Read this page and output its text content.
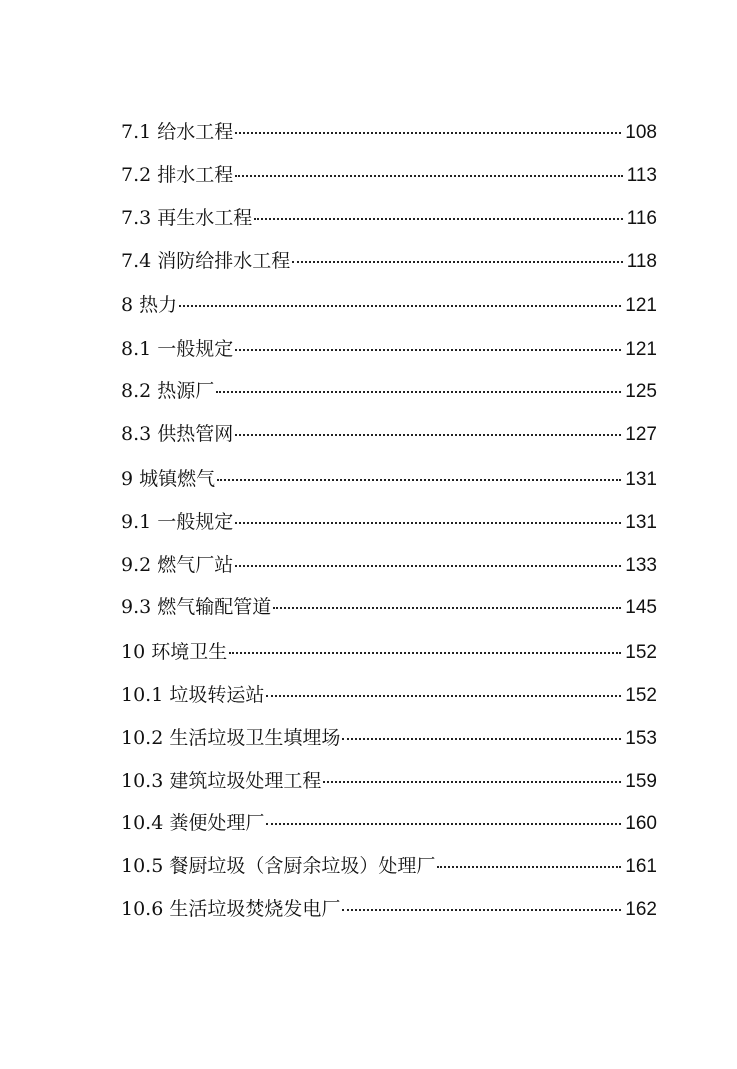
7.1 给水工程	108
7.2 排水工程	113
7.3 再生水工程	116
7.4 消防给排水工程	118
8 热力	121
8.1 一般规定	121
8.2 热源厂	125
8.3 供热管网	127
9 城镇燃气	131
9.1 一般规定	131
9.2 燃气厂站	133
9.3 燃气输配管道	145
10 环境卫生	152
10.1 垃圾转运站	152
10.2 生活垃圾卫生填埋场	153
10.3 建筑垃圾处理工程	159
10.4 粪便处理厂	160
10.5 餐厨垃圾（含厨余垃圾）处理厂	161
10.6 生活垃圾焚烧发电厂	162
